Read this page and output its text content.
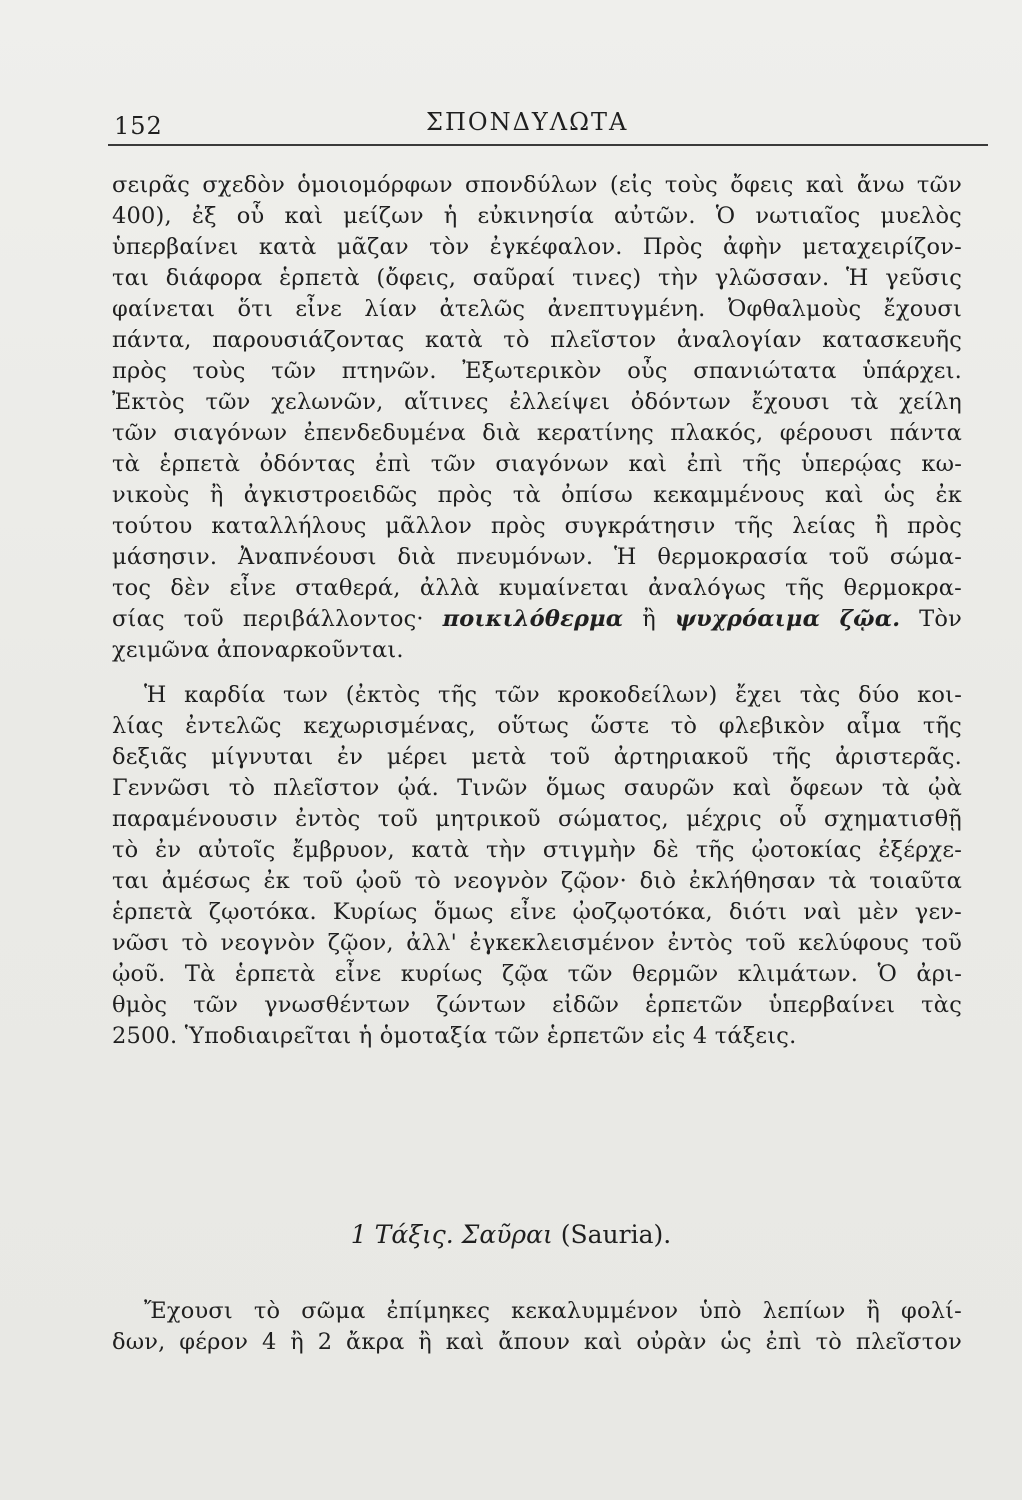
152	ΣΠΟΝΔΥΛΩΤΑ
σειρᾶς σχεδὸν ὁμοιομόρφων σπονδύλων (εἰς τοὺς ὄφεις καὶ ἄνω τῶν
400), ἐξ οὗ καὶ μείζων ἡ εὐκινησία αὐτῶν. Ὁ νωτιαῖος μυελὸς
ὑπερβαίνει κατὰ μᾶζαν τὸν ἐγκέφαλον. Πρὸς ἀφὴν μεταχειρίζον-
ται διάφορα ἑρπετὰ (ὄφεις, σαῦραί τινες) τὴν γλῶσσαν. Ἡ γεῦσις
φαίνεται ὅτι εἶνε λίαν ἀτελῶς ἀνεπτυγμένη. Ὀφθαλμοὺς ἔχουσι
πάντα, παρουσιάζοντας κατὰ τὸ πλεῖστον ἀναλογίαν κατασκευῆς
πρὸς τοὺς τῶν πτηνῶν. Ἐξωτερικὸν οὖς σπανιώτατα ὑπάρχει.
Ἐκτὸς τῶν χελωνῶν, αἵτινες ἐλλείψει ὀδόντων ἔχουσι τὰ χείλη
τῶν σιαγόνων ἐπενδεδυμένα διὰ κερατίνης πλακός, φέρουσι πάντα
τὰ ἑρπετὰ ὀδόντας ἐπὶ τῶν σιαγόνων καὶ ἐπὶ τῆς ὑπερῴας κω-
νικοὺς ἢ ἀγκιστροειδῶς πρὸς τὰ ὀπίσω κεκαμμένους καὶ ὡς ἐκ
τούτου καταλλήλους μᾶλλον πρὸς συγκράτησιν τῆς λείας ἢ πρὸς
μάσησιν. Ἀναπνέουσι διὰ πνευμόνων. Ἡ θερμοκρασία τοῦ σώμα-
τος δὲν εἶνε σταθερά, ἀλλὰ κυμαίνεται ἀναλόγως τῆς θερμοκρα-
σίας τοῦ περιβάλλοντος· ποικιλόθερμα ἢ ψυχρόαιμα ζῷα. Τὸν
χειμῶνα ἀποναρκοῦνται.
Ἡ καρδία των (ἐκτὸς τῆς τῶν κροκοδείλων) ἔχει τὰς δύο κοι-
λίας ἐντελῶς κεχωρισμένας, οὕτως ὥστε τὸ φλεβικὸν αἷμα τῆς
δεξιᾶς μίγνυται ἐν μέρει μετὰ τοῦ ἀρτηριακοῦ τῆς ἀριστερᾶς.
Γεννῶσι τὸ πλεῖστον ᾠά. Τινῶν ὅμως σαυρῶν καὶ ὄφεων τὰ ᾠὰ
παραμένουσιν ἐντὸς τοῦ μητρικοῦ σώματος, μέχρις οὗ σχηματισθῇ
τὸ ἐν αὐτοῖς ἔμβρυον, κατὰ τὴν στιγμὴν δὲ τῆς ᾠοτοκίας ἐξέρχε-
ται ἀμέσως ἐκ τοῦ ᾠοῦ τὸ νεογνὸν ζῷον· διὸ ἐκλήθησαν τὰ τοιαῦτα
ἑρπετὰ ζῳοτόκα. Κυρίως ὅμως εἶνε ᾠοζῳοτόκα, διότι ναὶ μὲν γεν-
νῶσι τὸ νεογνὸν ζῷον, ἀλλ' ἐγκεκλεισμένον ἐντὸς τοῦ κελύφους τοῦ
ᾠοῦ. Τὰ ἑρπετὰ εἶνε κυρίως ζῷα τῶν θερμῶν κλιμάτων. Ὁ ἀρι-
θμὸς τῶν γνωσθέντων ζώντων εἰδῶν ἑρπετῶν ὑπερβαίνει τὰς
2500. Ὑποδιαιρεῖται ἡ ὁμοταξία τῶν ἑρπετῶν εἰς 4 τάξεις.
1 Τάξις. Σαῦραι (Sauria).
Ἔχουσι τὸ σῶμα ἐπίμηκες κεκαλυμμένον ὑπὸ λεπίων ἢ φολί-
δων, φέρον 4 ἢ 2 ἄκρα ἢ καὶ ἄπουν καὶ οὐρὰν ὡς ἐπὶ τὸ πλεῖστον
